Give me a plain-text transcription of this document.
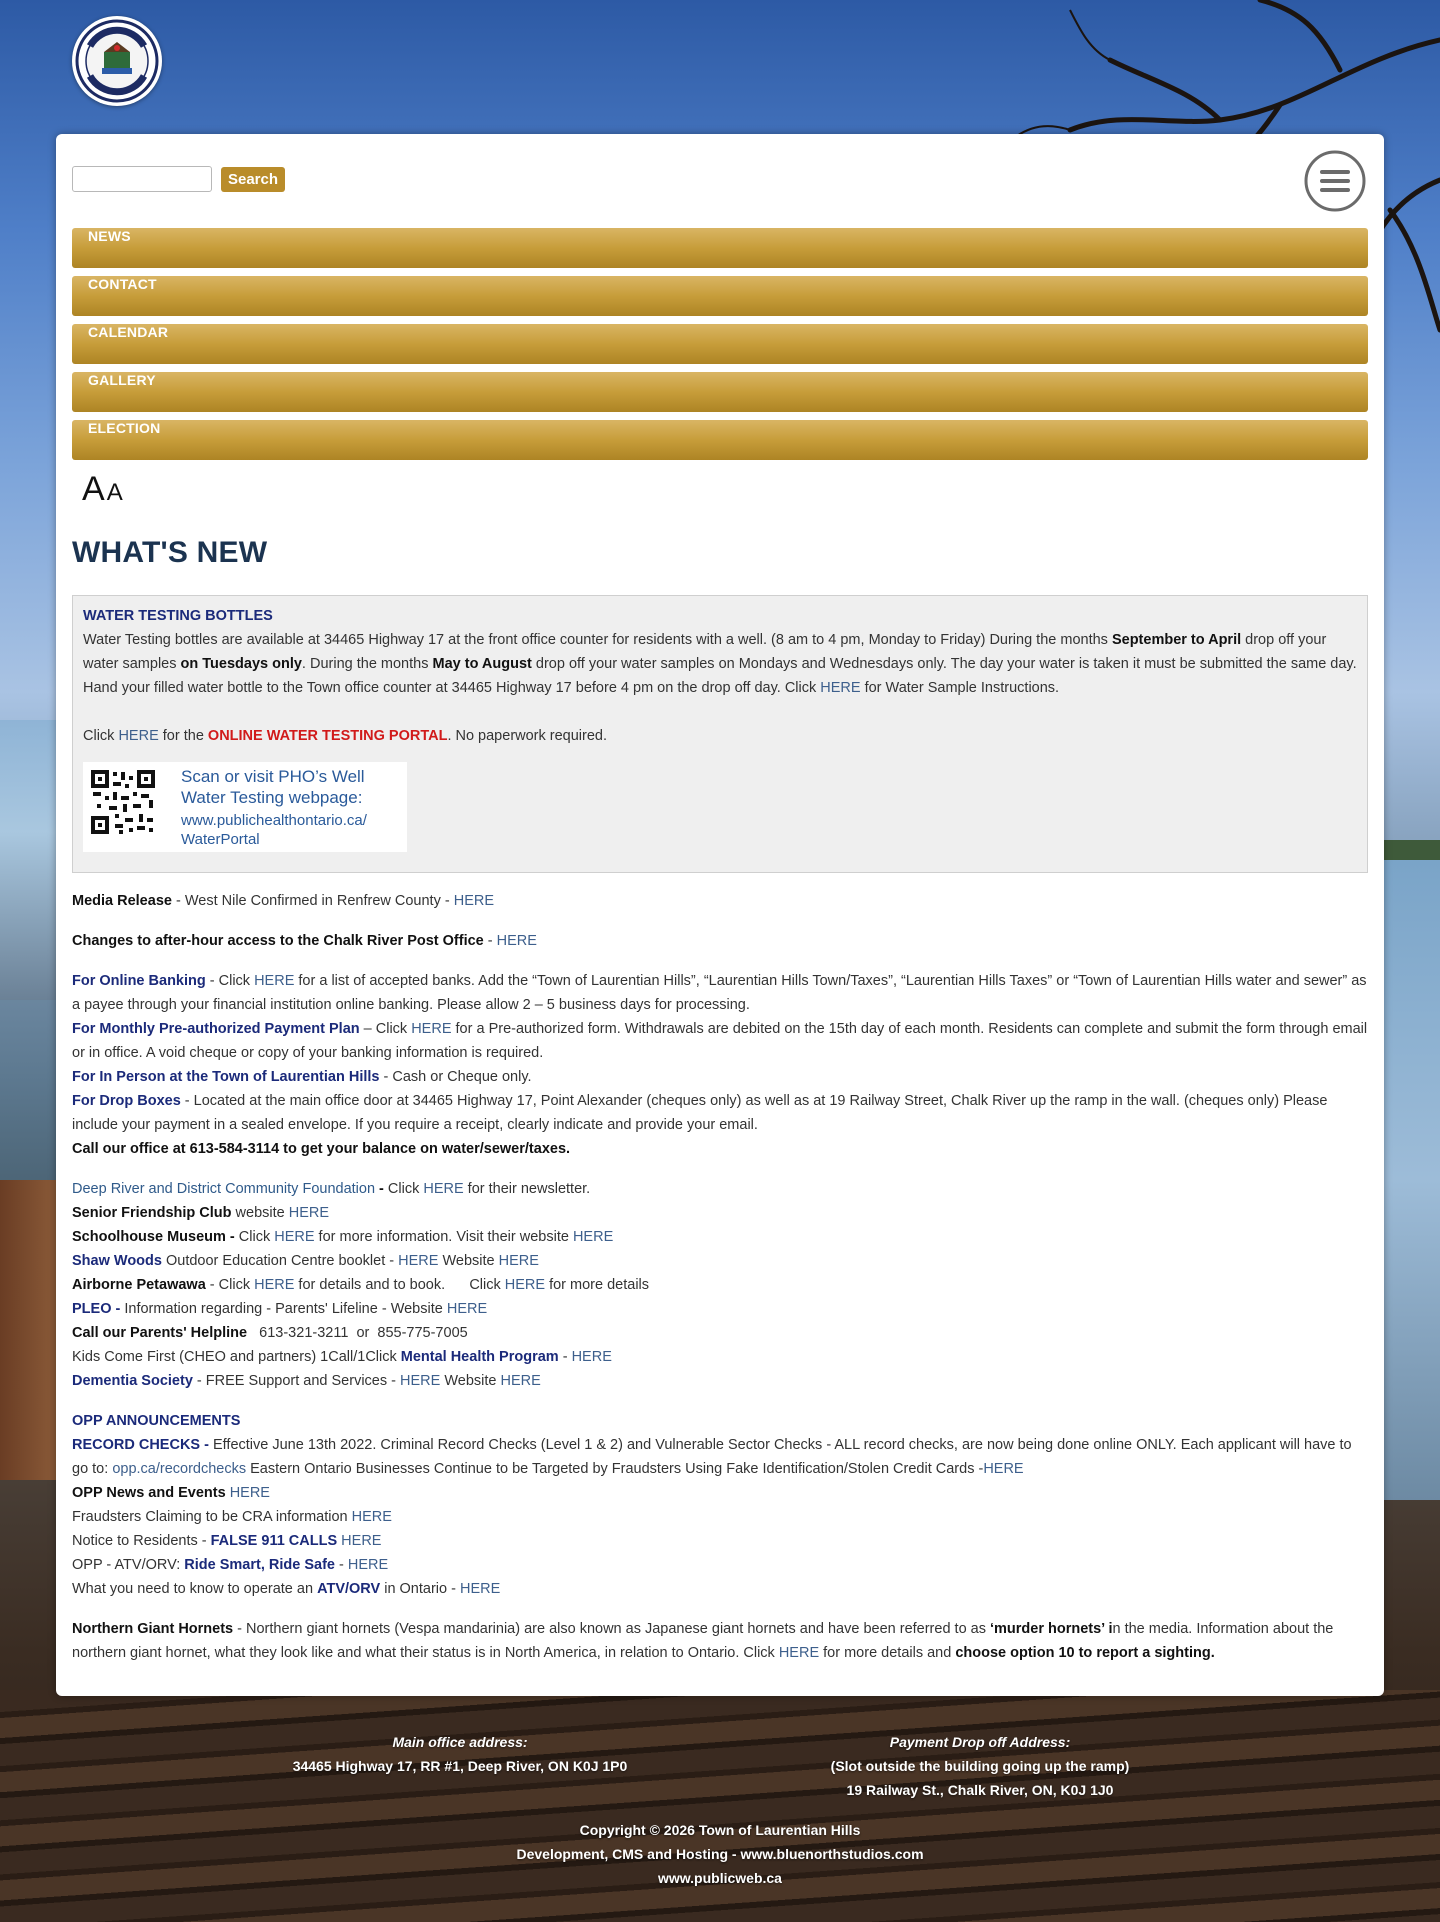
Search
NEWS
CONTACT
CALENDAR
GALLERY
ELECTION
AA
WHAT'S NEW
WATER TESTING BOTTLES

Water Testing bottles are available at 34465 Highway 17 at the front office counter for residents with a well. (8 am to 4 pm, Monday to Friday) During the months September to April drop off your water samples on Tuesdays only. During the months May to August drop off your water samples on Mondays and Wednesdays only. The day your water is taken it must be submitted the same day. Hand your filled water bottle to the Town office counter at 34465 Highway 17 before 4 pm on the drop off day. Click HERE for Water Sample Instructions.

Click HERE for the ONLINE WATER TESTING PORTAL. No paperwork required.

Scan or visit PHO’s Well
Water Testing webpage:
www.publichealthontario.ca/
WaterPortal

Media Release - West Nile Confirmed in Renfrew County - HERE

Changes to after-hour access to the Chalk River Post Office - HERE

For Online Banking - Click HERE for a list of accepted banks. Add the “Town of Laurentian Hills”, “Laurentian Hills Town/Taxes”, “Laurentian Hills Taxes” or “Town of Laurentian Hills water and sewer” as a payee through your financial institution online banking. Please allow 2 – 5 business days for processing.

For Monthly Pre-authorized Payment Plan – Click HERE for a Pre-authorized form. Withdrawals are debited on the 15th day of each month. Residents can complete and submit the form through email or in office. A void cheque or copy of your banking information is required.

For In Person at the Town of Laurentian Hills - Cash or Cheque only.

For Drop Boxes - Located at the main office door at 34465 Highway 17, Point Alexander (cheques only) as well as at 19 Railway Street, Chalk River up the ramp in the wall. (cheques only) Please include your payment in a sealed envelope. If you require a receipt, clearly indicate and provide your email.

Call our office at 613-584-3114 to get your balance on water/sewer/taxes.

Deep River and District Community Foundation - Click HERE for their newsletter.

Senior Friendship Club website HERE

Schoolhouse Museum - Click HERE for more information. Visit their website HERE

Shaw Woods Outdoor Education Centre booklet - HERE Website HERE

Airborne Petawawa - Click HERE for details and to book.      Click HERE for more details

PLEO - Information regarding - Parents' Lifeline - Website HERE

Call our Parents' Helpline   613-321-3211  or  855-775-7005

Kids Come First (CHEO and partners) 1Call/1Click Mental Health Program - HERE

Dementia Society - FREE Support and Services - HERE Website HERE

OPP ANNOUNCEMENTS

RECORD CHECKS - Effective June 13th 2022. Criminal Record Checks (Level 1 & 2) and Vulnerable Sector Checks - ALL record checks, are now being done online ONLY. Each applicant will have to go to: opp.ca/recordchecks Eastern Ontario Businesses Continue to be Targeted by Fraudsters Using Fake Identification/Stolen Credit Cards -HERE

OPP News and Events HERE

Fraudsters Claiming to be CRA information HERE

Notice to Residents - FALSE 911 CALLS HERE

OPP - ATV/ORV: Ride Smart, Ride Safe - HERE

What you need to know to operate an ATV/ORV in Ontario - HERE

Northern Giant Hornets - Northern giant hornets (Vespa mandarinia) are also known as Japanese giant hornets and have been referred to as ‘murder hornets’ in the media. Information about the northern giant hornet, what they look like and what their status is in North America, in relation to Ontario. Click HERE for more details and choose option 10 to report a sighting.

Main office address:
34465 Highway 17, RR #1, Deep River, ON K0J 1P0
Payment Drop off Address:
(Slot outside the building going up the ramp)
19 Railway St., Chalk River, ON, K0J 1J0
Copyright © 2026 Town of Laurentian Hills
Development, CMS and Hosting - www.bluenorthstudios.com
www.publicweb.ca
